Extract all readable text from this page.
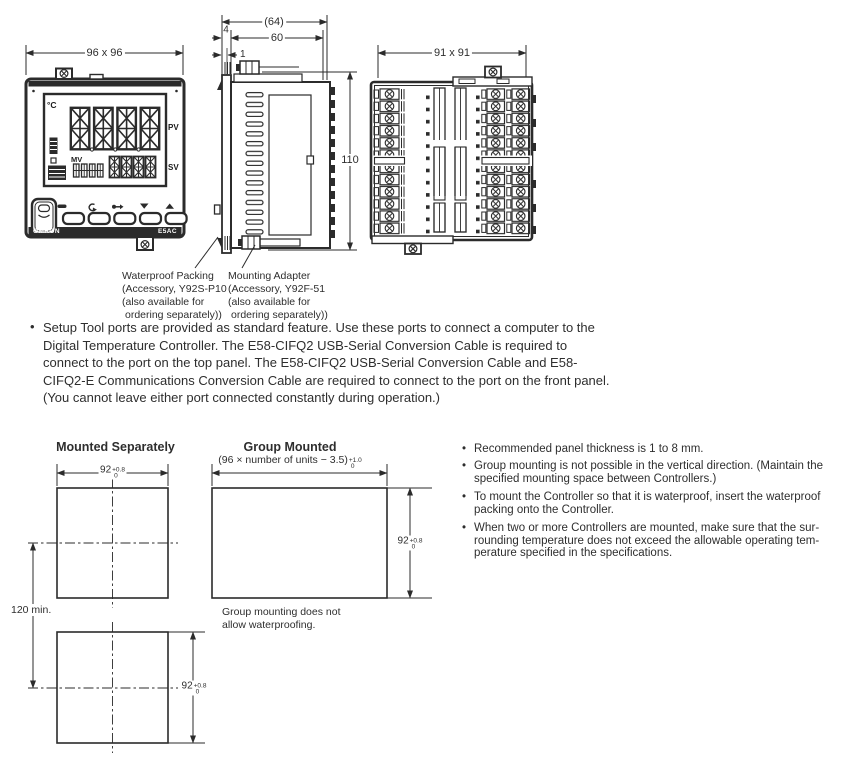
96 x 96
(64)
60
4
1
110
91 x 91
°C
PV
SV
MV
OMRON	E5AC
Waterproof Packing
(Accessory, Y92S-P10
(also available for
ordering separately))
Mounting Adapter
(Accessory, Y92F-51
(also available for
ordering separately))
• Setup Tool ports are provided as standard feature. Use these ports to connect a computer to the
Digital Temperature Controller. The E58-CIFQ2 USB-Serial Conversion Cable is required to
connect to the port on the top panel. The E58-CIFQ2 USB-Serial Conversion Cable and E58-
CIFQ2-E Communications Conversion Cable are required to connect to the port on the front panel.
(You cannot leave either port connected constantly during operation.)
Mounted Separately	Group Mounted
(96 × number of units − 3.5) +1.0
0
92 +0.8
0
92 +0.8
0
92 +0.8
0
120 min.	Group mounting does not
allow waterproofing.
• Recommended panel thickness is 1 to 8 mm.
• Group mounting is not possible in the vertical direction. (Maintain the
specified mounting space between Controllers.)
• To mount the Controller so that it is waterproof, insert the waterproof
packing onto the Controller.
• When two or more Controllers are mounted, make sure that the sur-
rounding temperature does not exceed the allowable operating tem-
perature specified in the specifications.
